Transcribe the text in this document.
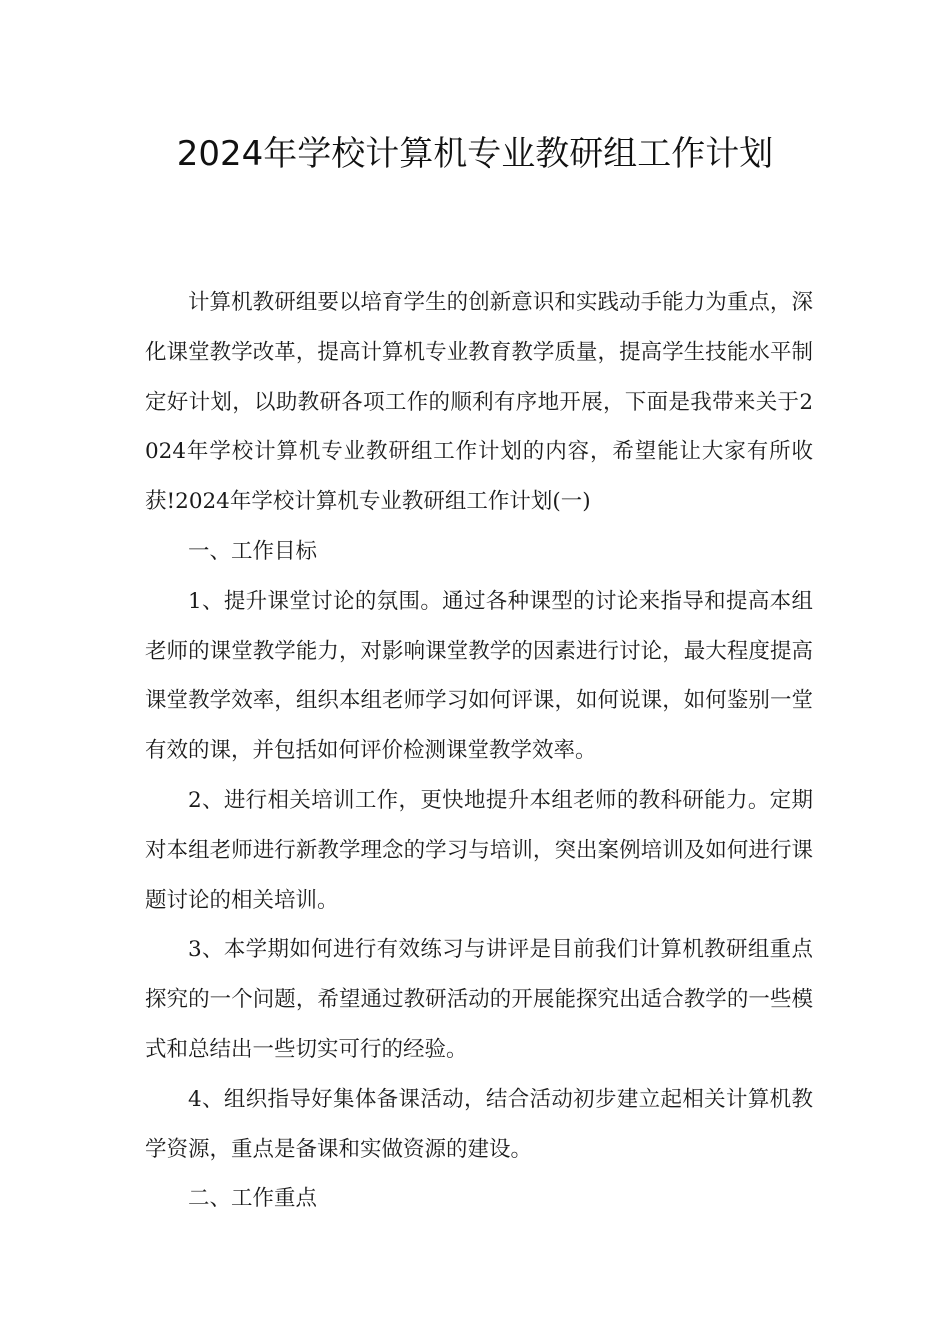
2024年学校计算机专业教研组工作计划

计算机教研组要以培育学生的创新意识和实践动手能力为重点，深化课堂教学改革，提高计算机专业教育教学质量，提高学生技能水平制定好计划，以助教研各项工作的顺利有序地开展，下面是我带来关于2024年学校计算机专业教研组工作计划的内容，希望能让大家有所收获!2024年学校计算机专业教研组工作计划(一)

一、工作目标

1、提升课堂讨论的氛围。通过各种课型的讨论来指导和提高本组老师的课堂教学能力，对影响课堂教学的因素进行讨论，最大程度提高课堂教学效率，组织本组老师学习如何评课，如何说课，如何鉴别一堂有效的课，并包括如何评价检测课堂教学效率。

2、进行相关培训工作，更快地提升本组老师的教科研能力。定期对本组老师进行新教学理念的学习与培训，突出案例培训及如何进行课题讨论的相关培训。

3、本学期如何进行有效练习与讲评是目前我们计算机教研组重点探究的一个问题，希望通过教研活动的开展能探究出适合教学的一些模式和总结出一些切实可行的经验。

4、组织指导好集体备课活动，结合活动初步建立起相关计算机教学资源，重点是备课和实做资源的建设。

二、工作重点
